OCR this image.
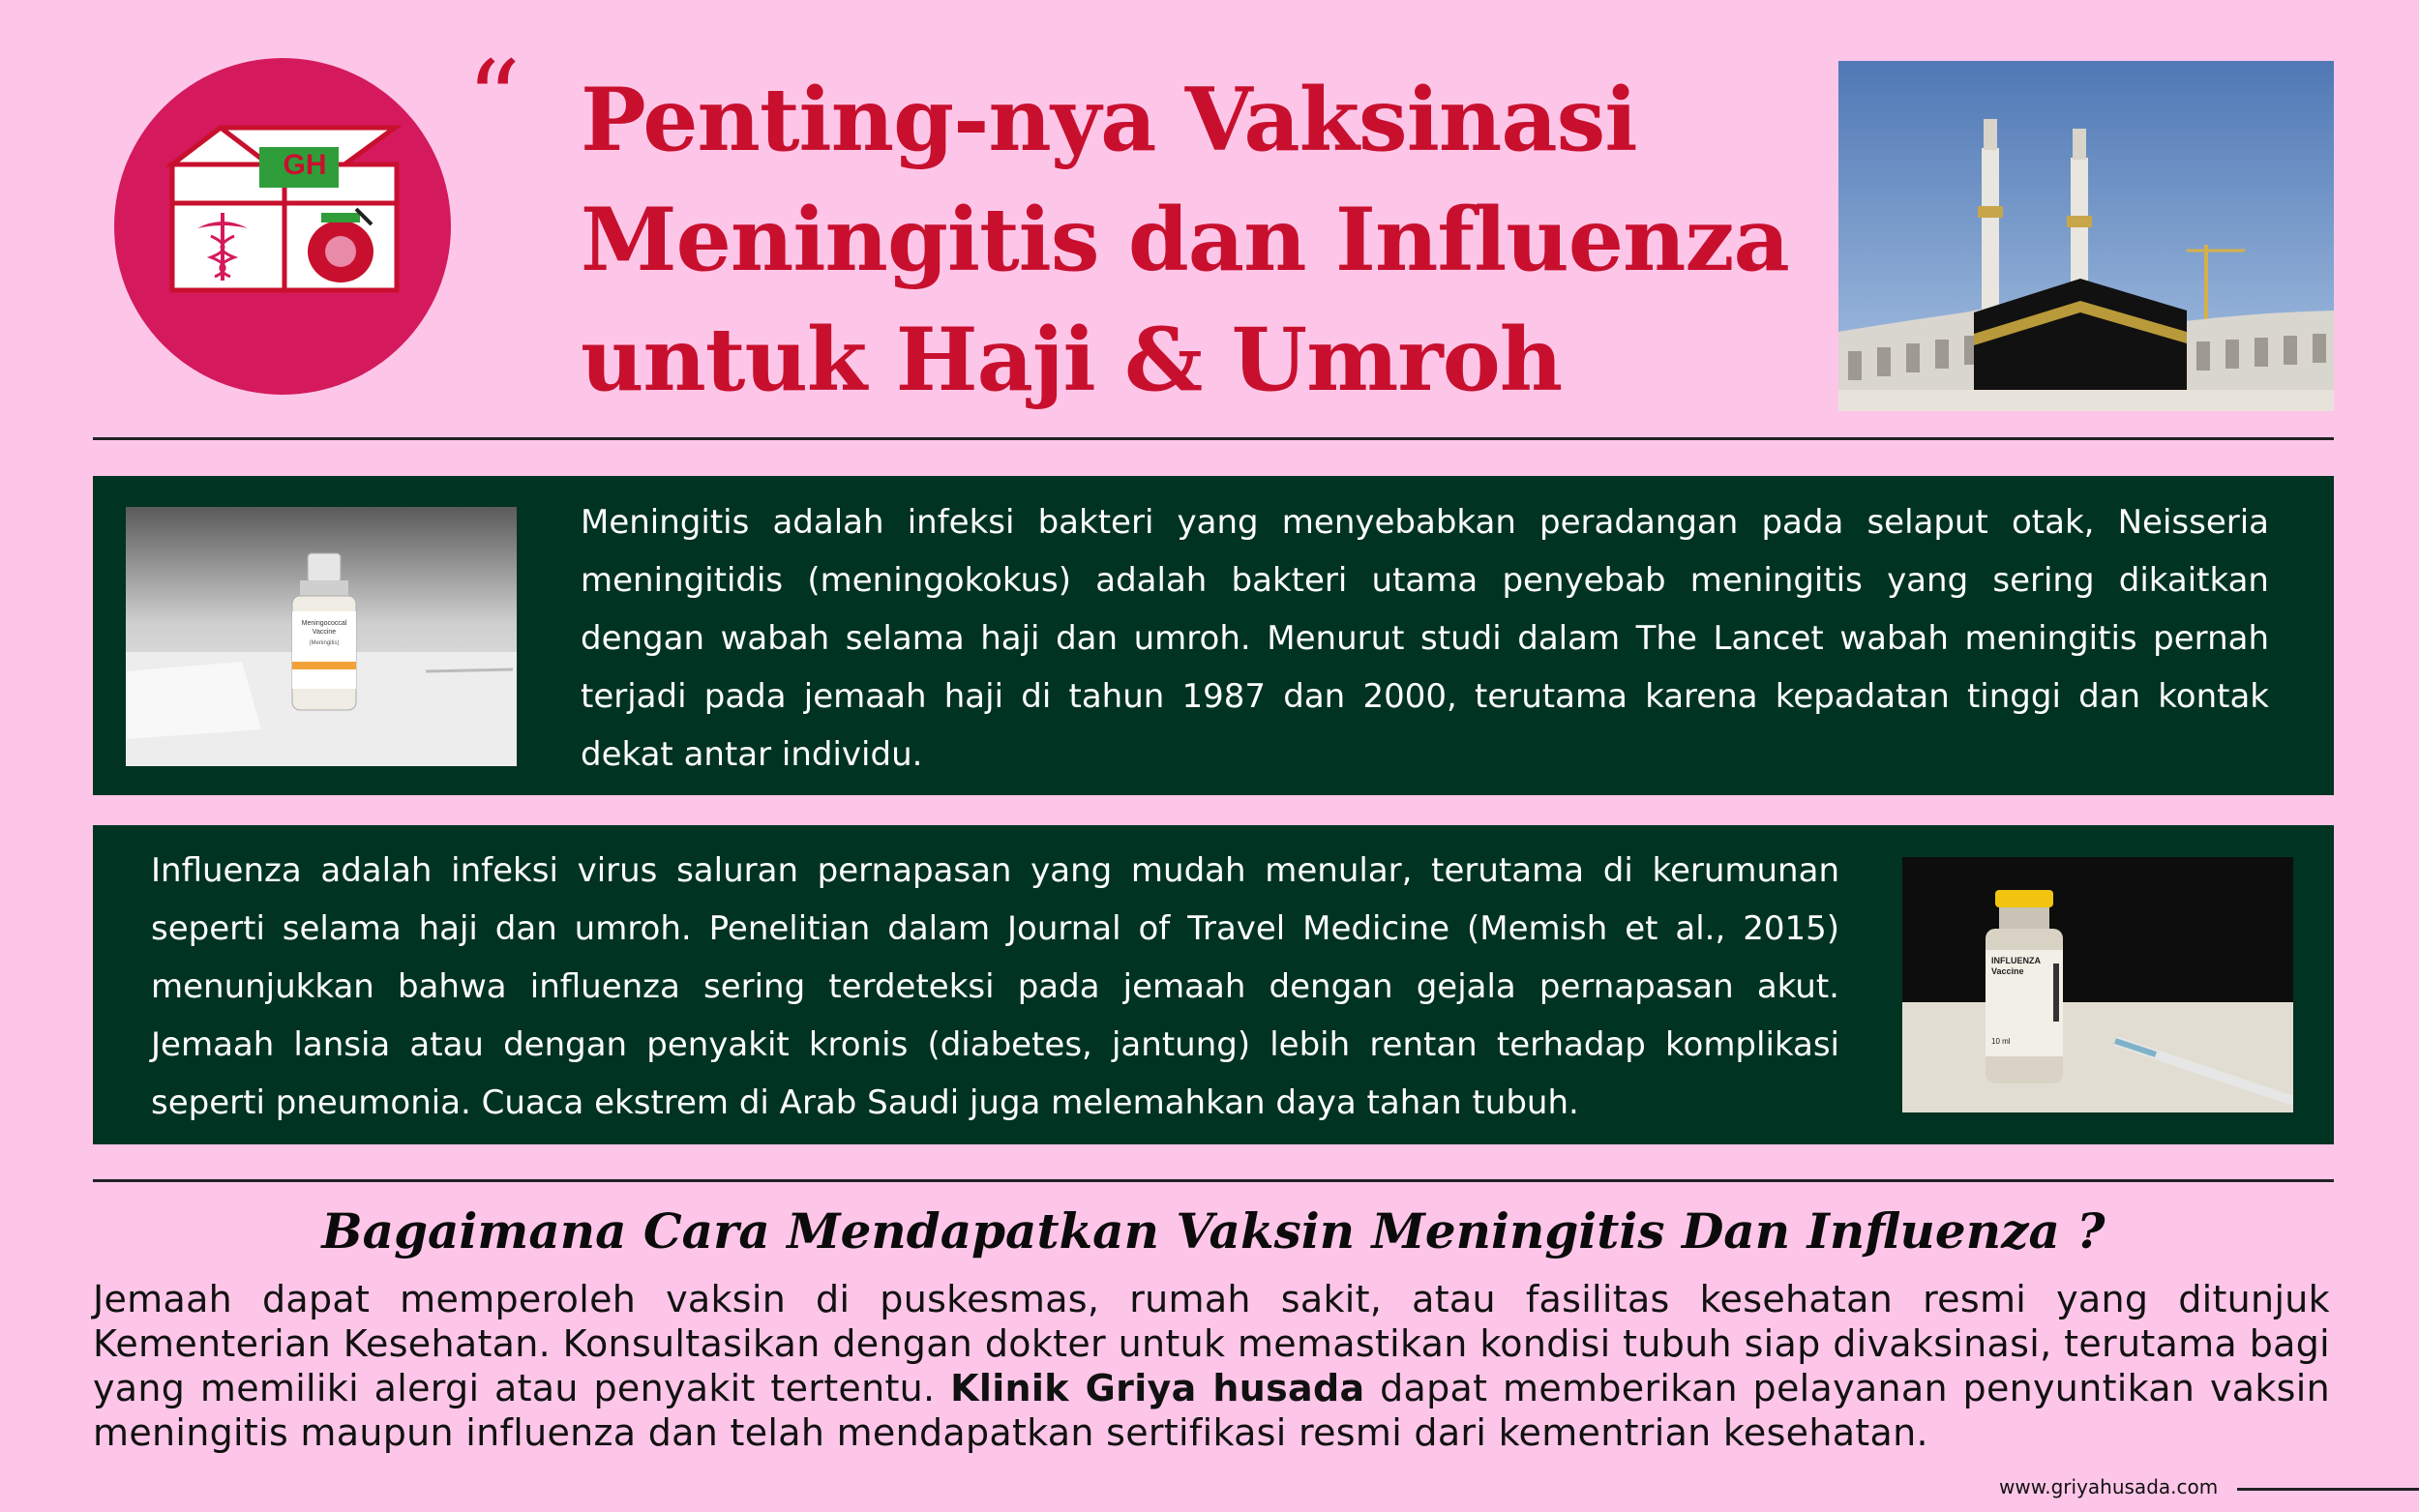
GH
“ Penting-nya Vaksinasi
Meningitis dan Influenza
untuk Haji & Umroh
Meningococcal Vaccine
(Meningitis)
Meningitis adalah infeksi bakteri yang menyebabkan peradangan pada selaput otak, Neisseria meningitidis (meningokokus) adalah bakteri utama penyebab meningitis yang sering dikaitkan dengan wabah selama haji dan umroh. Menurut studi dalam The Lancet wabah meningitis pernah terjadi pada jemaah haji di tahun 1987 dan 2000, terutama karena kepadatan tinggi dan kontak dekat antar individu.
Influenza adalah infeksi virus saluran pernapasan yang mudah menular, terutama di kerumunan seperti selama haji dan umroh. Penelitian dalam Journal of Travel Medicine (Memish et al., 2015) menunjukkan bahwa influenza sering terdeteksi pada jemaah dengan gejala pernapasan akut. Jemaah lansia atau dengan penyakit kronis (diabetes, jantung) lebih rentan terhadap komplikasi seperti pneumonia. Cuaca ekstrem di Arab Saudi juga melemahkan daya tahan tubuh.
INFLUENZA Vaccine
10 ml
Bagaimana Cara Mendapatkan Vaksin Meningitis Dan Influenza ?
Jemaah dapat memperoleh vaksin di puskesmas, rumah sakit, atau fasilitas kesehatan resmi yang ditunjuk Kementerian Kesehatan. Konsultasikan dengan dokter untuk memastikan kondisi tubuh siap divaksinasi, terutama bagi yang memiliki alergi atau penyakit tertentu. Klinik Griya husada dapat memberikan pelayanan penyuntikan vaksin meningitis maupun influenza dan telah mendapatkan sertifikasi resmi dari kementrian kesehatan.
www.griyahusada.com
